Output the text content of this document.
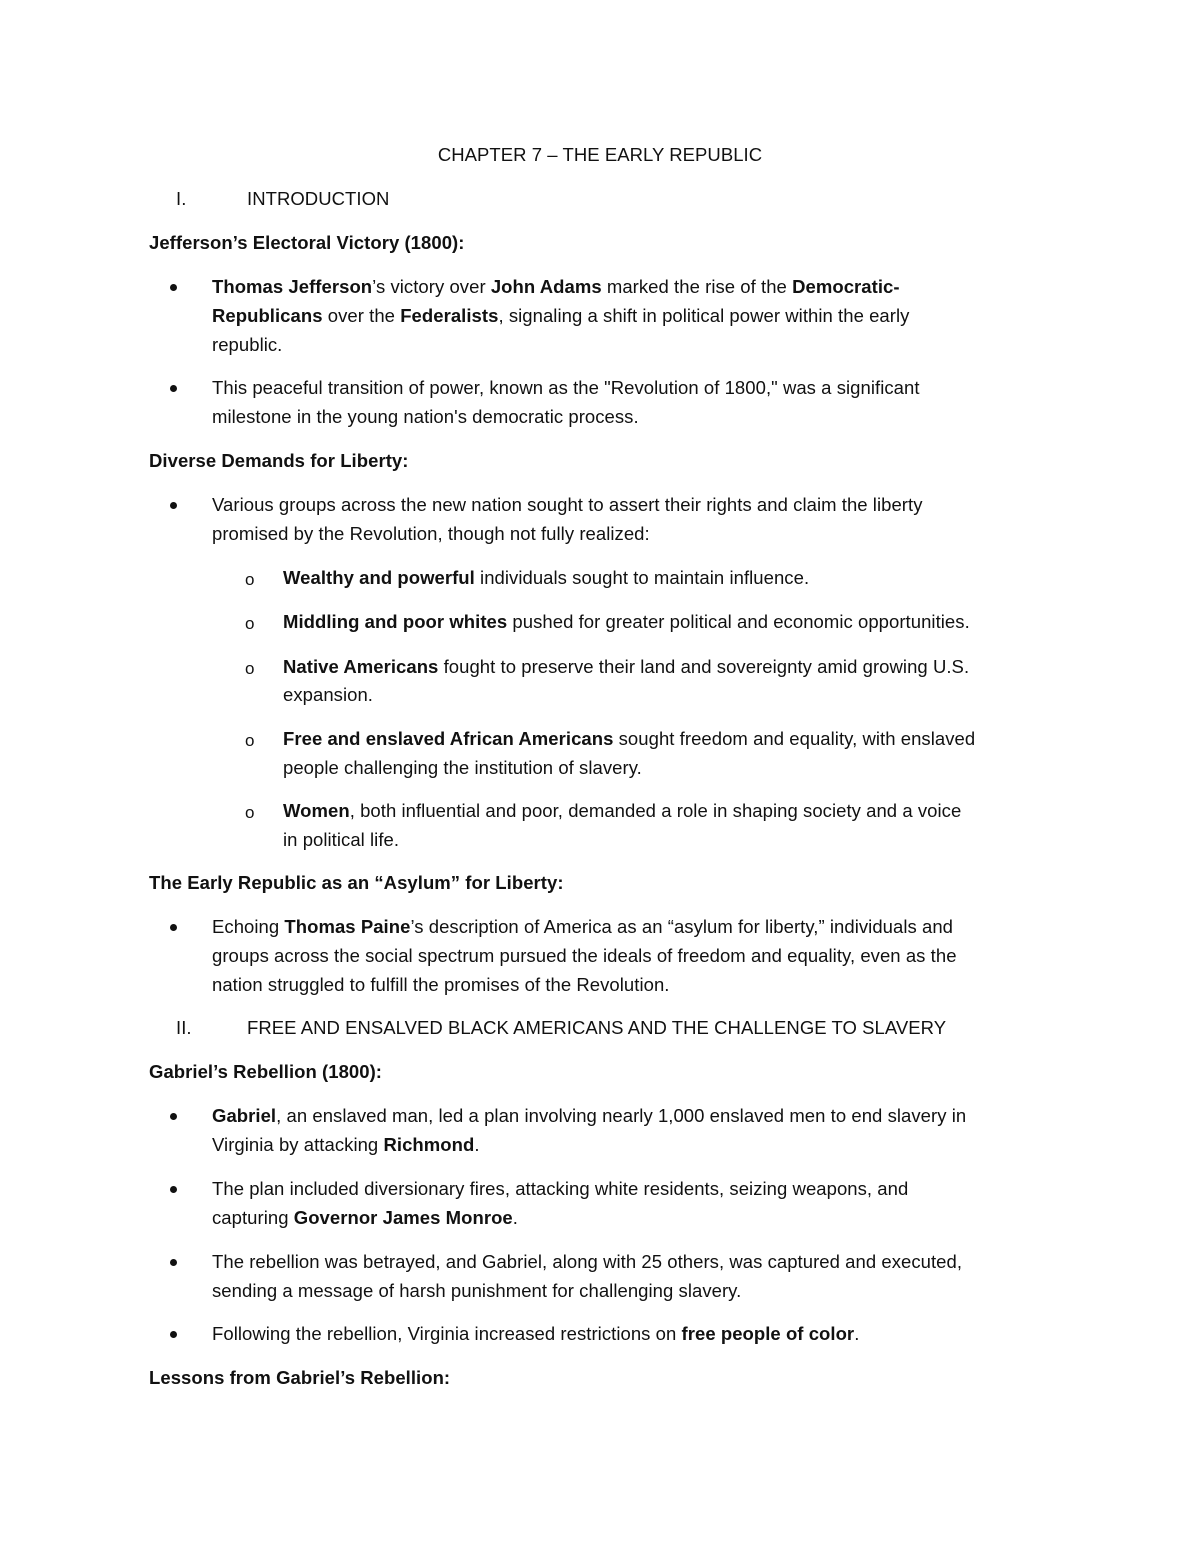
CHAPTER 7 – THE EARLY REPUBLIC
I.	INTRODUCTION
Jefferson’s Electoral Victory (1800):
Thomas Jefferson’s victory over John Adams marked the rise of the Democratic-
Republicans over the Federalists, signaling a shift in political power within the early
republic.
This peaceful transition of power, known as the "Revolution of 1800," was a significant
milestone in the young nation's democratic process.
Diverse Demands for Liberty:
Various groups across the new nation sought to assert their rights and claim the liberty
promised by the Revolution, though not fully realized:
o Wealthy and powerful individuals sought to maintain influence.
o Middling and poor whites pushed for greater political and economic opportunities.
o Native Americans fought to preserve their land and sovereignty amid growing U.S.
expansion.
o Free and enslaved African Americans sought freedom and equality, with enslaved
people challenging the institution of slavery.
o Women, both influential and poor, demanded a role in shaping society and a voice
in political life.
The Early Republic as an “Asylum” for Liberty:
Echoing Thomas Paine’s description of America as an “asylum for liberty,” individuals and
groups across the social spectrum pursued the ideals of freedom and equality, even as the
nation struggled to fulfill the promises of the Revolution.
II.	FREE AND ENSALVED BLACK AMERICANS AND THE CHALLENGE TO SLAVERY
Gabriel’s Rebellion (1800):
Gabriel, an enslaved man, led a plan involving nearly 1,000 enslaved men to end slavery in
Virginia by attacking Richmond.
The plan included diversionary fires, attacking white residents, seizing weapons, and
capturing Governor James Monroe.
The rebellion was betrayed, and Gabriel, along with 25 others, was captured and executed,
sending a message of harsh punishment for challenging slavery.
Following the rebellion, Virginia increased restrictions on free people of color.
Lessons from Gabriel’s Rebellion:
